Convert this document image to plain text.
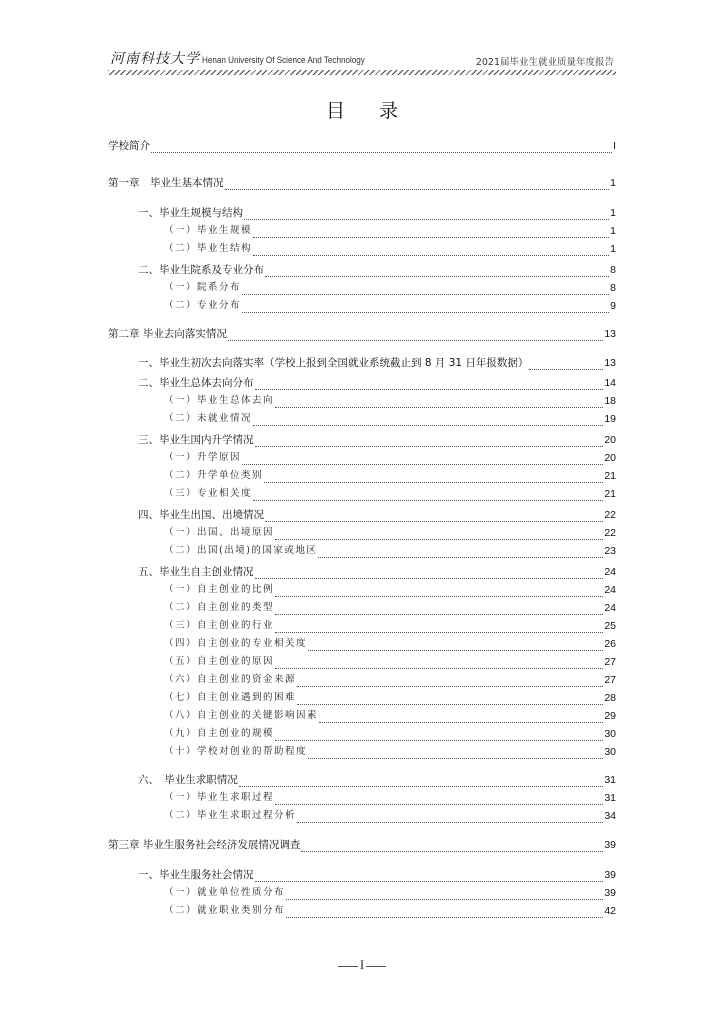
河南科技大学 Henan University Of Science And Technology	2021届毕业生就业质量年度报告
目 录
学校简介	I
第一章　毕业生基本情况	1
一、毕业生规模与结构	1
（一）毕业生规模	1
（二）毕业生结构	1
二、毕业生院系及专业分布	8
（一）院系分布	8
（二）专业分布	9
第二章 毕业去向落实情况	13
一、毕业生初次去向落实率（学校上报到全国就业系统截止到 8 月 31 日年报数据）	13
二、毕业生总体去向分布	14
（一）毕业生总体去向	18
（二）未就业情况	19
三、毕业生国内升学情况	20
（一）升学原因	20
（二）升学单位类别	21
（三）专业相关度	21
四、毕业生出国、出境情况	22
（一）出国、出境原因	22
（二）出国(出境)的国家或地区	23
五、毕业生自主创业情况	24
（一）自主创业的比例	24
（二）自主创业的类型	24
（三）自主创业的行业	25
（四）自主创业的专业相关度	26
（五）自主创业的原因	27
（六）自主创业的资金来源	27
（七）自主创业遇到的困难	28
（八）自主创业的关键影响因素	29
（九）自主创业的规模	30
（十）学校对创业的帮助程度	30
六、　毕业生求职情况	31
（一）毕业生求职过程	31
（二）毕业生求职过程分析	34
第三章 毕业生服务社会经济发展情况调查	39
一、毕业生服务社会情况	39
（一）就业单位性质分布	39
（二）就业职业类别分布	42
I
